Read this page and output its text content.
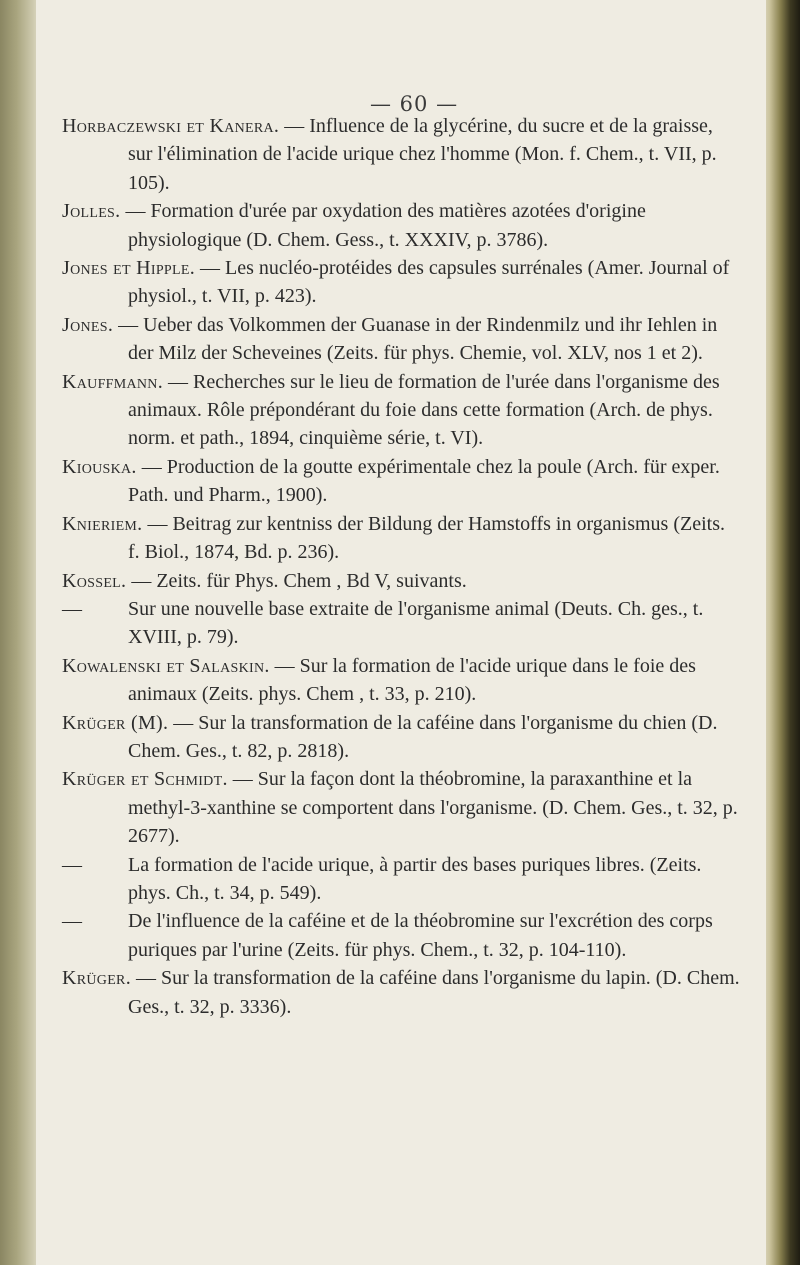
— 60 —
Horbaczewski et Kanera. — Influence de la glycérine, du sucre et de la graisse, sur l'élimination de l'acide urique chez l'homme (Mon. f. Chem., t. VII, p. 105).
Jolles. — Formation d'urée par oxydation des matières azotées d'origine physiologique (D. Chem. Gess., t. XXXIV, p. 3786).
Jones et Hipple. — Les nucléo-protéides des capsules surrénales (Amer. Journal of physiol., t. VII, p. 423).
Jones. — Ueber das Volkommen der Guanase in der Rindenmilz und ihr Iehlen in der Milz der Scheveines (Zeits. für phys. Chemie, vol. XLV, nos 1 et 2).
Kauffmann. — Recherches sur le lieu de formation de l'urée dans l'organisme des animaux. Rôle prépondérant du foie dans cette formation (Arch. de phys. norm. et path., 1894, cinquième série, t. VI).
Kiouska. — Production de la goutte expérimentale chez la poule (Arch. für exper. Path. und Pharm., 1900).
Knieriem. — Beitrag zur kentniss der Bildung der Hamstoffs in organismus (Zeits. f. Biol., 1874, Bd. p. 236).
Kossel. — Zeits. für Phys. Chem , Bd V, suivants.
— Sur une nouvelle base extraite de l'organisme animal (Deuts. Ch. ges., t. XVIII, p. 79).
Kowalenski et Salaskin. — Sur la formation de l'acide urique dans le foie des animaux (Zeits. phys. Chem , t. 33, p. 210).
Krüger (M). — Sur la transformation de la caféine dans l'organisme du chien (D. Chem. Ges., t. 82, p. 2818).
Krüger et Schmidt. — Sur la façon dont la théobromine, la paraxanthine et la methyl-3-xanthine se comportent dans l'organisme. (D. Chem. Ges., t. 32, p. 2677).
— La formation de l'acide urique, à partir des bases puriques libres. (Zeits. phys. Ch., t. 34, p. 549).
— De l'influence de la caféine et de la théobromine sur l'excrétion des corps puriques par l'urine (Zeits. für phys. Chem., t. 32, p. 104-110).
Krüger. — Sur la transformation de la caféine dans l'organisme du lapin. (D. Chem. Ges., t. 32, p. 3336).
